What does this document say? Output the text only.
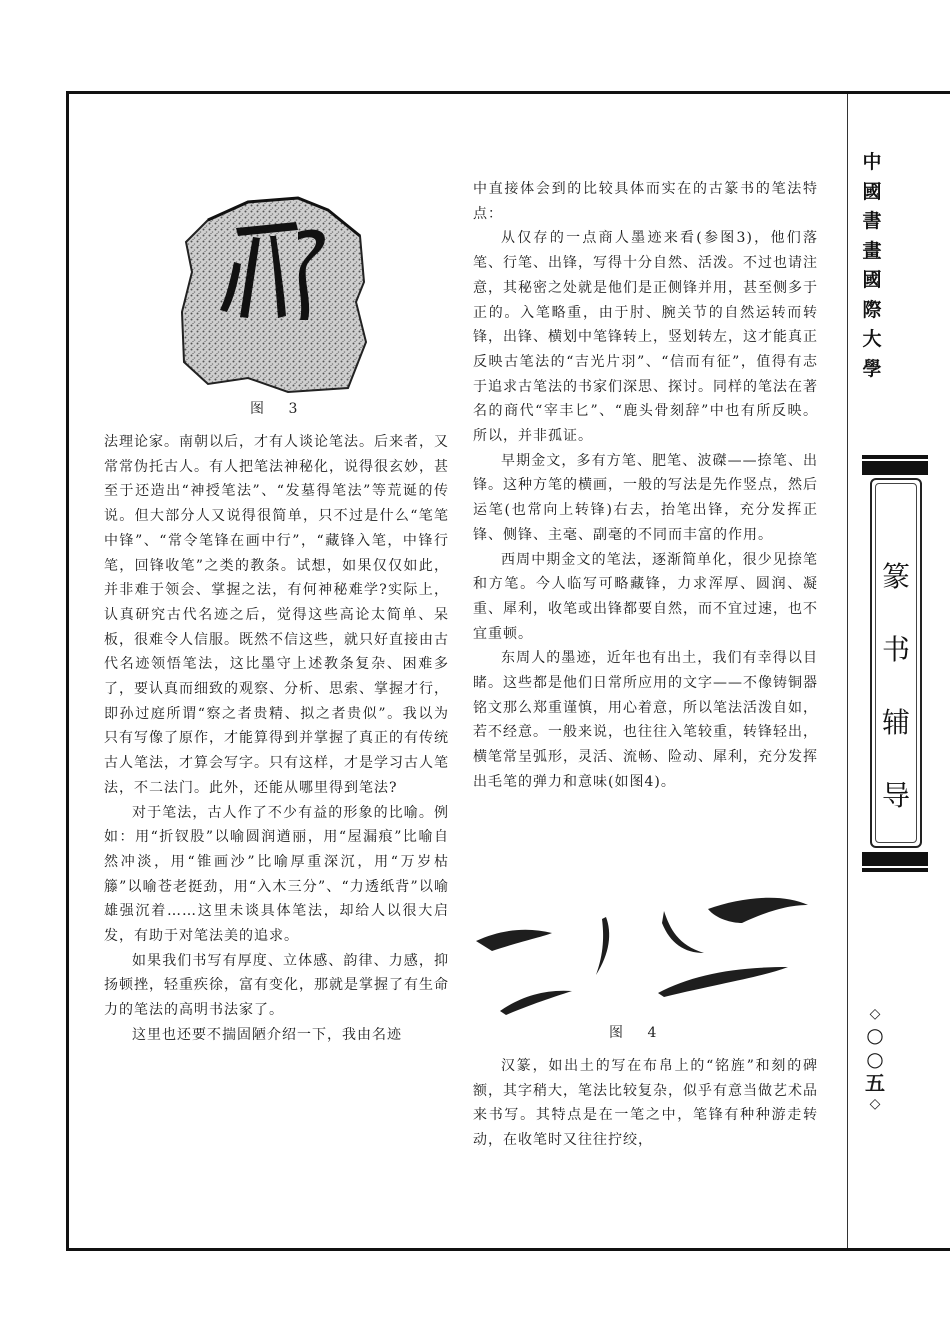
中
國
書
畫
國
際
大
學
篆
书
辅
导
◇
○
○
五
◇
图 3

法理论家。南朝以后，才有人谈论笔法。后来者，又常常伪托古人。有人把笔法神秘化，说得很玄妙，甚至于还造出“神授笔法”、“发墓得笔法”等荒诞的传说。但大部分人又说得很简单，只不过是什么“笔笔中锋”、“常令笔锋在画中行”，“藏锋入笔，中锋行笔，回锋收笔”之类的教条。试想，如果仅仅如此，并非难于领会、掌握之法，有何神秘难学?实际上，认真研究古代名迹之后，觉得这些高论太简单、呆板，很难令人信服。既然不信这些，就只好直接由古代名迹领悟笔法，这比墨守上述教条复杂、困难多了，要认真而细致的观察、分析、思索、掌握才行，即孙过庭所谓“察之者贵精、拟之者贵似”。我以为只有写像了原作，才能算得到并掌握了真正的有传统古人笔法，才算会写字。只有这样，才是学习古人笔法，不二法门。此外，还能从哪里得到笔法?

对于笔法，古人作了不少有益的形象的比喻。例如：用“折钗股”以喻圆润遒丽，用“屋漏痕”比喻自然冲淡，用“锥画沙”比喻厚重深沉，用“万岁枯籐”以喻苍老挺劲，用“入木三分”、“力透纸背”以喻雄强沉着……这里未谈具体笔法，却给人以很大启发，有助于对笔法美的追求。

如果我们书写有厚度、立体感、韵律、力感，抑扬顿挫，轻重疾徐，富有变化，那就是掌握了有生命力的笔法的高明书法家了。

这里也还要不揣固陋介绍一下，我由名迹

中直接体会到的比较具体而实在的古篆书的笔法特点：

从仅存的一点商人墨迹来看(参图3)，他们落笔、行笔、出锋，写得十分自然、活泼。不过也请注意，其秘密之处就是他们是正侧锋并用，甚至侧多于正的。入笔略重，由于肘、腕关节的自然运转而转锋，出锋、横划中笔锋转上，竖划转左，这才能真正反映古笔法的“吉光片羽”、“信而有征”，值得有志于追求古笔法的书家们深思、探讨。同样的笔法在著名的商代“宰丰匕”、“鹿头骨刻辞”中也有所反映。所以，并非孤证。

早期金文，多有方笔、肥笔、波磔——捺笔、出锋。这种方笔的横画，一般的写法是先作竖点，然后运笔(也常向上转锋)右去，抬笔出锋，充分发挥正锋、侧锋、主毫、副毫的不同而丰富的作用。

西周中期金文的笔法，逐渐简单化，很少见捺笔和方笔。今人临写可略藏锋，力求浑厚、圆润、凝重、犀利，收笔或出锋都要自然，而不宜过速，也不宜重顿。

东周人的墨迹，近年也有出土，我们有幸得以目睹。这些都是他们日常所应用的文字——不像铸铜器铭文那么郑重谨慎，用心着意，所以笔法活泼自如，若不经意。一般来说，也往往入笔较重，转锋轻出，横笔常呈弧形，灵活、流畅、险动、犀利，充分发挥出毛笔的弹力和意味(如图4)。

图 4

汉篆，如出土的写在布帛上的“铭旌”和刻的碑额，其字稍大，笔法比较复杂，似乎有意当做艺术品来书写。其特点是在一笔之中，笔锋有种种游走转动，在收笔时又往往拧绞，
